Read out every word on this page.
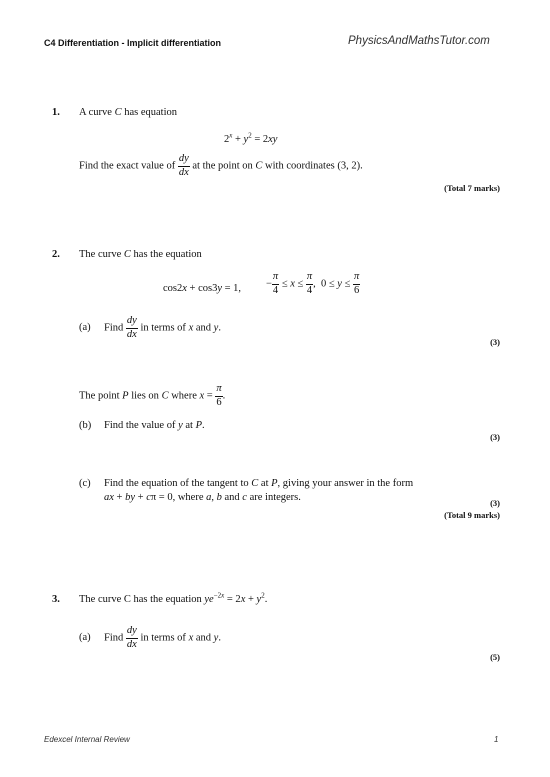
C4 Differentiation - Implicit differentiation	PhysicsAndMathsTutor.com
1. A curve C has equation
$2^x + y^2 = 2xy$
Find the exact value of $\frac{dy}{dx}$ at the point on C with coordinates (3, 2).
(Total 7 marks)
2. The curve C has the equation
cos2x + cos3y = 1, − $\frac{\pi}{4} \le x \le \frac{\pi}{4}$ ,  $0 \le y \le \frac{\pi}{6}$
(a) Find $\frac{dy}{dx}$ in terms of x and y.
(3)
The point P lies on C where $x = \frac{\pi}{6}$ .
(b) Find the value of y at P.
(3)
(c) Find the equation of the tangent to C at P, giving your answer in the form
ax + by + cπ = 0, where a, b and c are integers.	(3)
(Total 9 marks)
3. The curve C has the equation $ye^{-2x} = 2x + y^2$.
(a) Find $\frac{dy}{dx}$ in terms of x and y.
(5)
Edexcel Internal Review	1
